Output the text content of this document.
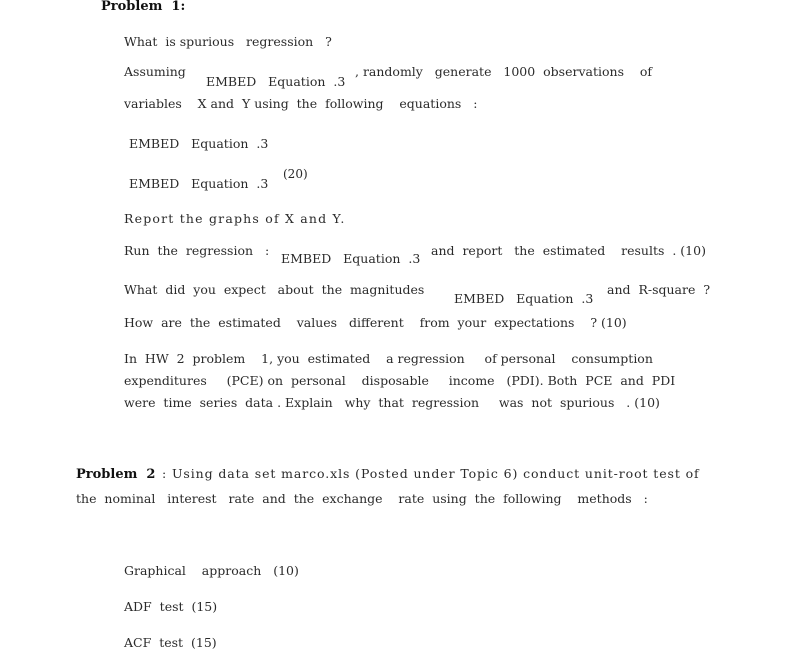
Problem  1:
What  is spurious   regression   ?
Assuming
EMBED   Equation  .3
, randomly   generate   1000  observations    of
variables    X and  Y using  the  following    equations   :
EMBED   Equation  .3
EMBED   Equation  .3
(20)
Report the graphs of X and Y.
Run  the  regression   :
EMBED   Equation  .3
and  report   the  estimated    results  . (10)
What  did  you  expect   about  the  magnitudes
EMBED   Equation  .3
and  R-square  ?
How  are  the  estimated    values   different    from  your  expectations    ? (10)
In  HW  2  problem    1, you  estimated    a regression     of personal    consumption
expenditures     (PCE) on  personal    disposable     income   (PDI). Both  PCE  and  PDI
were  time  series  data . Explain   why  that  regression     was  not  spurious   . (10)
Problem  2 : Using data set marco.xls (Posted under Topic 6) conduct unit-root test of
the  nominal   interest   rate  and  the  exchange    rate  using  the  following    methods   :
Graphical    approach   (10)
ADF  test  (15)
ACF  test  (15)
